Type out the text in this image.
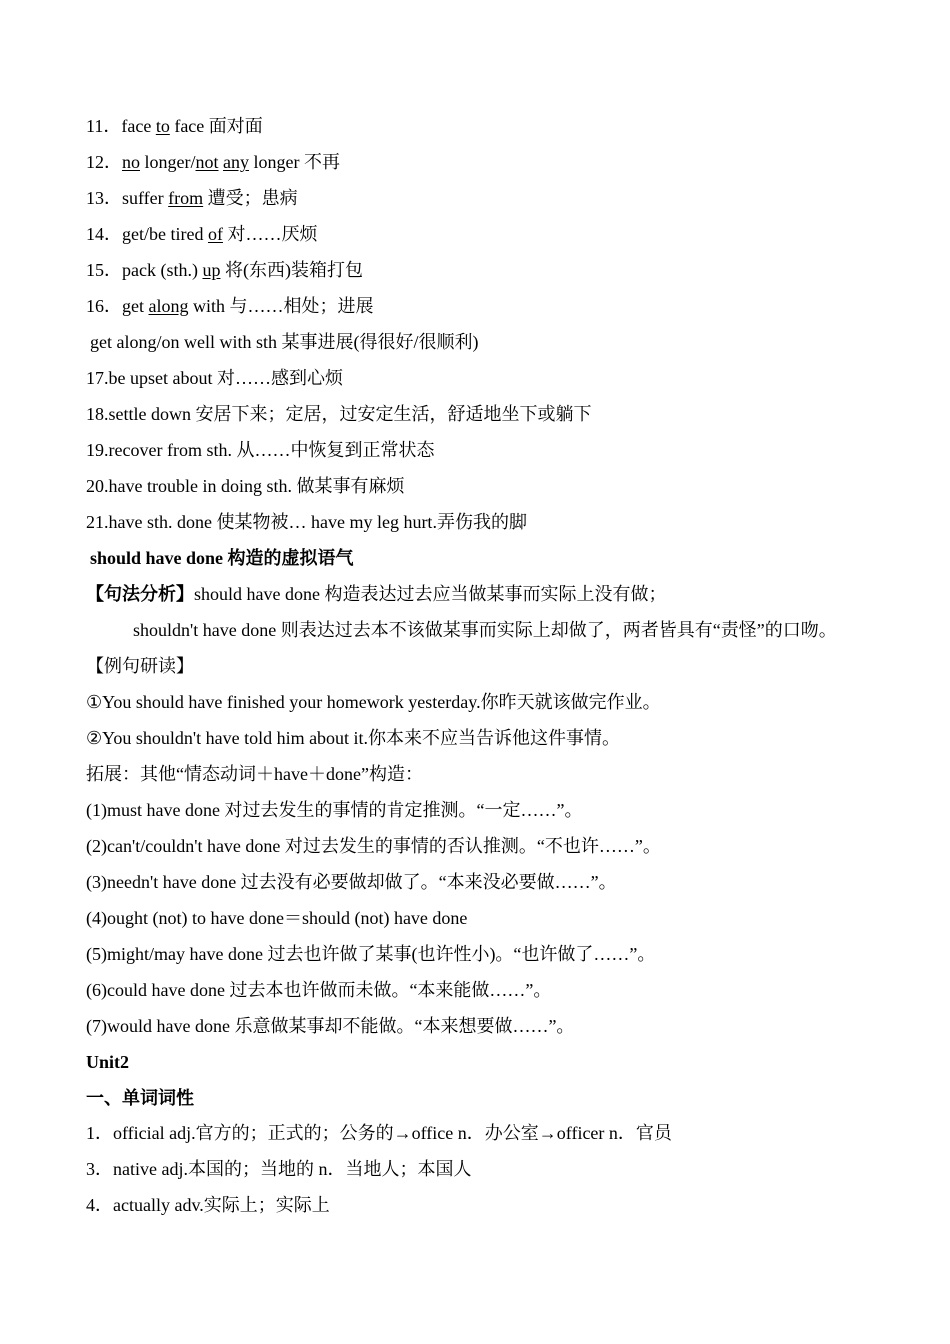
11．face to face 面对面
12．no longer/not any longer 不再
13．suffer from 遭受；患病
14．get/be tired of 对……厌烦
15．pack (sth.) up 将(东西)装箱打包
16．get along with 与……相处；进展
get along/on well with sth 某事进展(得很好/很顺利)
17.be upset about 对……感到心烦
18.settle down 安居下来；定居，过安定生活，舒适地坐下或躺下
19.recover from sth. 从……中恢复到正常状态
20.have trouble in doing sth. 做某事有麻烦
21.have sth. done 使某物被… have my leg hurt.弄伤我的脚
should have done 构造的虚拟语气
【句法分析】should have done 构造表达过去应当做某事而实际上没有做；
shouldn't have done 则表达过去本不该做某事而实际上却做了，两者皆具有“责怪”的口吻。
【例句研读】
①You should have finished your homework yesterday.你昨天就该做完作业。
②You shouldn't have told him about it.你本来不应当告诉他这件事情。
拓展：其他“情态动词＋have＋done”构造：
(1)must have done 对过去发生的事情的肯定推测。“一定……”。
(2)can't/couldn't have done 对过去发生的事情的否认推测。“不也许……”。
(3)needn't have done 过去没有必要做却做了。“本来没必要做……”。
(4)ought (not) to have done＝should (not) have done
(5)might/may have done 过去也许做了某事(也许性小)。“也许做了……”。
(6)could have done 过去本也许做而未做。“本来能做……”。
(7)would have done 乐意做某事却不能做。“本来想要做……”。
Unit2
一、单词词性
1．official adj.官方的；正式的；公务的→office n．办公室→officer n．官员
3．native adj.本国的；当地的 n．当地人；本国人
4．actually adv.实际上；实际上
